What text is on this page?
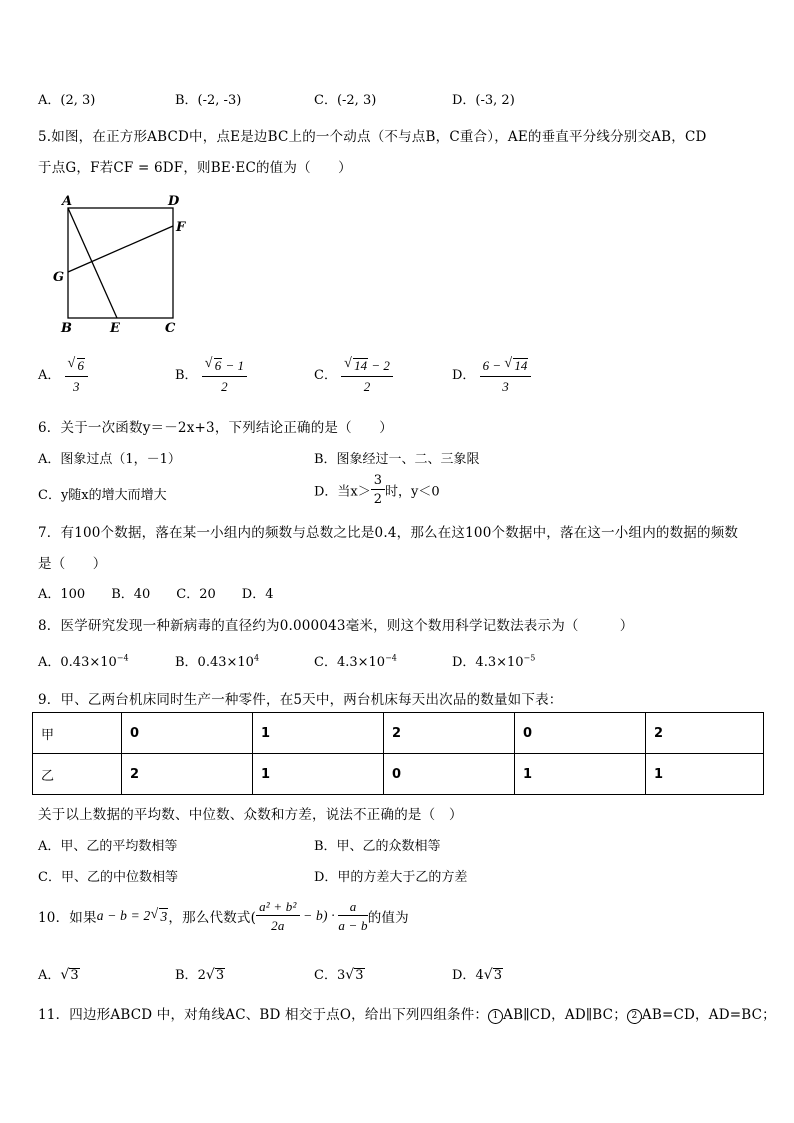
A．(2, 3)	B．(-2, -3)	C．(-2, 3)	D．(-3, 2)
5.如图，在正方形ABCD中，点E是边BC上的一个动点（不与点B，C重合），AE的垂直平分线分别交AB，CD
于点G，F若CF = 6DF，则BE·EC的值为（　　）
A	D
F
G
B	E	C
A． $\frac{√ 6}{3}$	B． $\frac{√ 6 - 1}{2}$	C． $\frac{√ 14 - 2}{2}$	D． $\frac{6 - √ 14}{3}$
6．关于一次函数y＝－2x+3，下列结论正确的是（　　）
A．图象过点（1，－1）	B．图象经过一、二、三象限
C．y随x的增大而增大	D．当$x> \frac{3}{2}$ 时，y＜0
7．有100个数据，落在某一小组内的频数与总数之比是0.4，那么在这100个数据中，落在这一小组内的数据的频数
是（　　）
A．100　　B．40　　C．20　　D．4
8．医学研究发现一种新病毒的直径约为0.000043毫米，则这个数用科学记数法表示为（　　　）
A．$0.43\times 10^{-4}$	B．$0.43\times 10^4$	C．$4.3\times 10^{-4}$	D．$4.3\times 10^{-5}$
9．甲、乙两台机床同时生产一种零件，在5天中，两台机床每天出次品的数量如下表：
甲	0	1	2	0	2
乙	2	1	0	1	1
关于以上数据的平均数、中位数、众数和方差，说法不正确的是（　）
A．甲、乙的平均数相等	B．甲、乙的众数相等
C．甲、乙的中位数相等	D．甲的方差大于乙的方差
10．如果a − b = 2 √ 3，那么代数式( $\frac{\text{a² + b²}}{2a} - b) \cdot \frac{a}{a - b}$ 的值为
A． √ 3	B．2 √ 3	C．3 √ 3	D．4 √ 3
11．四边形ABCD 中，对角线AC、BD 相交于点O，给出下列四组条件： 1 AB∥CD，AD∥BC； 2 AB=CD，AD=BC；
